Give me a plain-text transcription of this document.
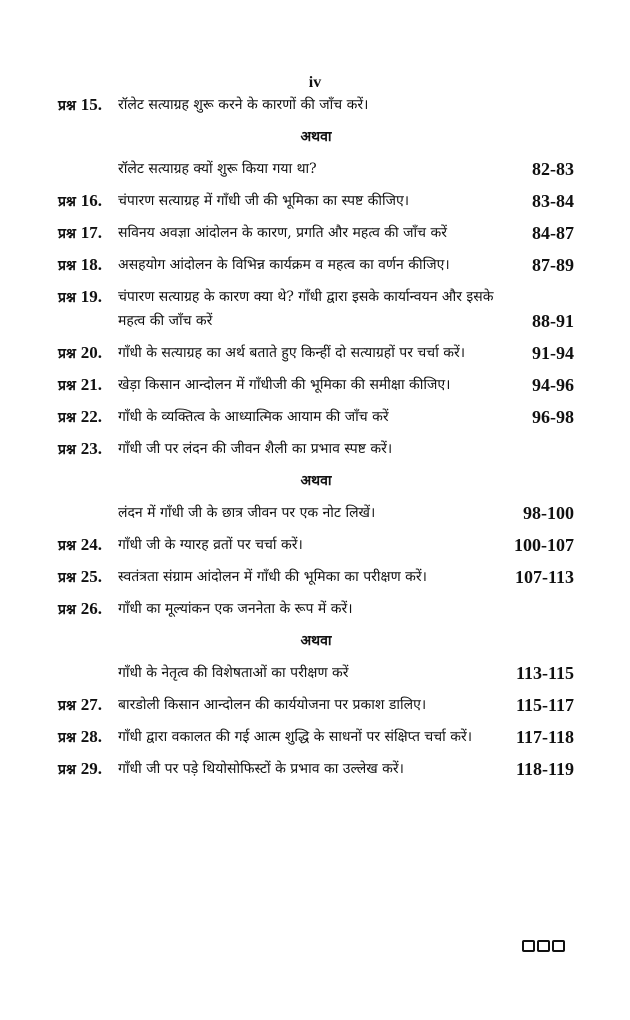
iv
प्रश्न 15. रॉलेट सत्याग्रह शुरू करने के कारणों की जाँच करें।
अथवा
रॉलेट सत्याग्रह क्यों शुरू किया गया था?	82-83
प्रश्न 16. चंपारण सत्याग्रह में गाँधी जी की भूमिका का स्पष्ट कीजिए।	83-84
प्रश्न 17. सविनय अवज्ञा आंदोलन के कारण, प्रगति और महत्व की जाँच करें	84-87
प्रश्न 18. असहयोग आंदोलन के विभिन्न कार्यक्रम व महत्व का वर्णन कीजिए।	87-89
प्रश्न 19. चंपारण सत्याग्रह के कारण क्या थे? गाँधी द्वारा इसके कार्यान्वयन और इसके महत्व की जाँच करें	88-91
प्रश्न 20. गाँधी के सत्याग्रह का अर्थ बताते हुए किन्हीं दो सत्याग्रहों पर चर्चा करें।	91-94
प्रश्न 21. खेड़ा किसान आन्दोलन में गाँधीजी की भूमिका की समीक्षा कीजिए।	94-96
प्रश्न 22. गाँधी के व्यक्तित्व के आध्यात्मिक आयाम की जाँच करें	96-98
प्रश्न 23. गाँधी जी पर लंदन की जीवन शैली का प्रभाव स्पष्ट करें।
अथवा
लंदन में गाँधी जी के छात्र जीवन पर एक नोट लिखें।	98-100
प्रश्न 24. गाँधी जी के ग्यारह व्रतों पर चर्चा करें।	100-107
प्रश्न 25. स्वतंत्रता संग्राम आंदोलन में गाँधी की भूमिका का परीक्षण करें।	107-113
प्रश्न 26. गाँधी का मूल्यांकन एक जननेता के रूप में करें।
अथवा
गाँधी के नेतृत्व की विशेषताओं का परीक्षण करें	113-115
प्रश्न 27. बारडोली किसान आन्दोलन की कार्ययोजना पर प्रकाश डालिए।	115-117
प्रश्न 28. गाँधी द्वारा वकालत की गई आत्म शुद्धि के साधनों पर संक्षिप्त चर्चा करें।	117-118
प्रश्न 29. गाँधी जी पर पड़े थियोसोफिस्टों के प्रभाव का उल्लेख करें।	118-119
